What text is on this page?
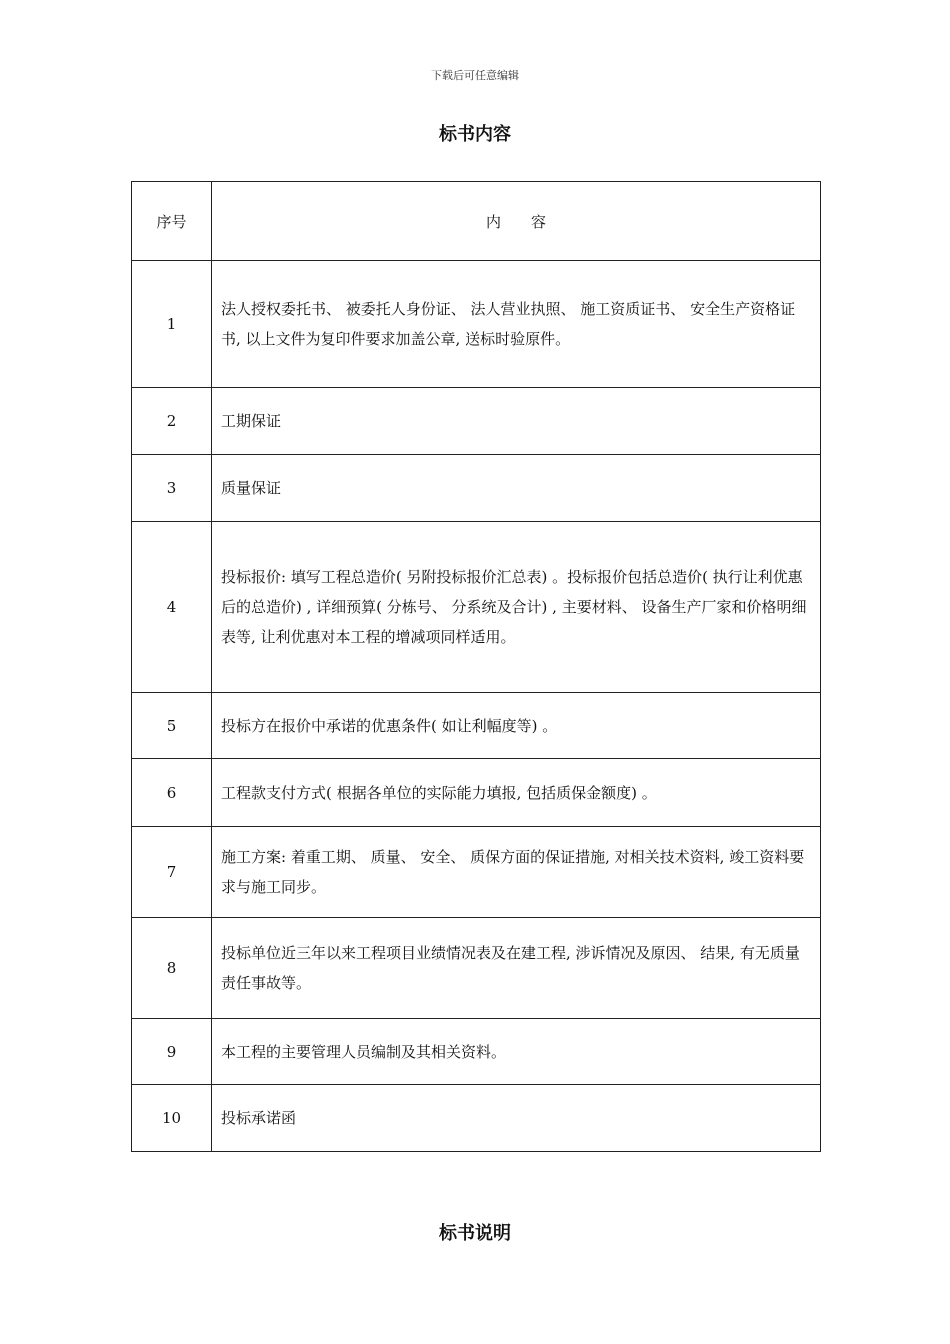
下载后可任意编辑
标书内容
序号	内 容
1	法人授权委托书、 被委托人身份证、 法人营业执照、 施工资质证书、 安全生产资格证书, 以上文件为复印件要求加盖公章, 送标时验原件。
2	工期保证
3	质量保证
4	投标报价: 填写工程总造价( 另附投标报价汇总表) 。投标报价包括总造价( 执行让利优惠后的总造价) , 详细预算( 分栋号、 分系统及合计) , 主要材料、 设备生产厂家和价格明细表等, 让利优惠对本工程的增减项同样适用。
5	投标方在报价中承诺的优惠条件( 如让利幅度等) 。
6	工程款支付方式( 根据各单位的实际能力填报, 包括质保金额度) 。
7	施工方案: 着重工期、 质量、 安全、 质保方面的保证措施, 对相关技术资料, 竣工资料要求与施工同步。
8	投标单位近三年以来工程项目业绩情况表及在建工程, 涉诉情况及原因、 结果, 有无质量责任事故等。
9	本工程的主要管理人员编制及其相关资料。
10	投标承诺函
标书说明
